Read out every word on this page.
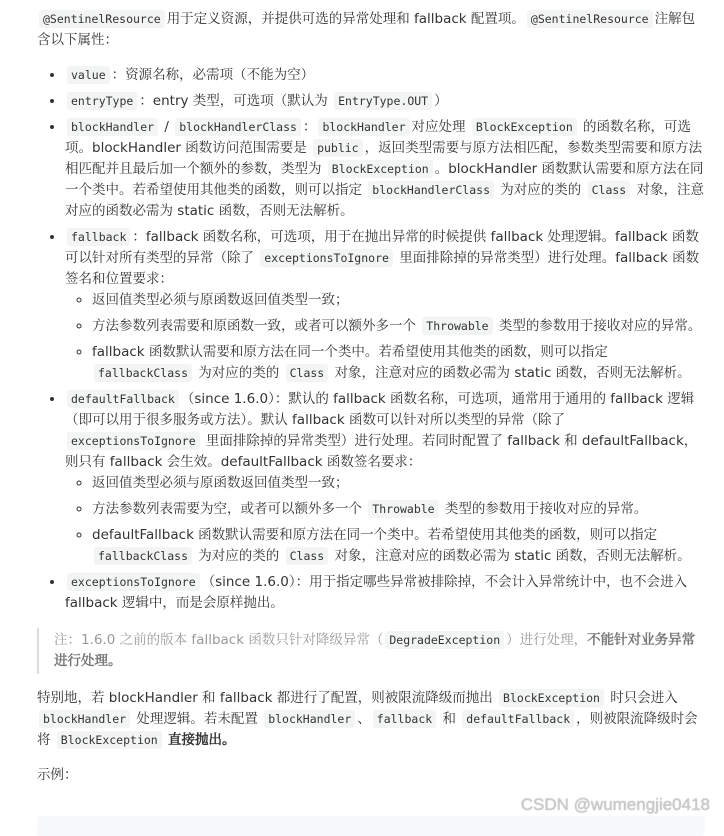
@SentinelResource 用于定义资源，并提供可选的异常处理和 fallback 配置项。 @SentinelResource 注解包含以下属性：

• value ：资源名称，必需项（不能为空）
• entryType ：entry 类型，可选项（默认为 EntryType.OUT ）
• blockHandler / blockHandlerClass ： blockHandler 对应处理 BlockException 的函数名称，可选项。blockHandler 函数访问范围需要是 public ，返回类型需要与原方法相匹配，参数类型需要和原方法相匹配并且最后加一个额外的参数，类型为 BlockException 。blockHandler 函数默认需要和原方法在同一个类中。若希望使用其他类的函数，则可以指定 blockHandlerClass 为对应的类的 Class 对象，注意对应的函数必需为 static 函数，否则无法解析。
• fallback ：fallback 函数名称，可选项，用于在抛出异常的时候提供 fallback 处理逻辑。fallback 函数可以针对所有类型的异常（除了 exceptionsToIgnore 里面排除掉的异常类型）进行处理。fallback 函数签名和位置要求：
◦ 返回值类型必须与原函数返回值类型一致；
◦ 方法参数列表需要和原函数一致，或者可以额外多一个 Throwable 类型的参数用于接收对应的异常。
◦ fallback 函数默认需要和原方法在同一个类中。若希望使用其他类的函数，则可以指定 fallbackClass 为对应的类的 Class 对象，注意对应的函数必需为 static 函数，否则无法解析。
• defaultFallback （since 1.6.0）：默认的 fallback 函数名称，可选项，通常用于通用的 fallback 逻辑（即可以用于很多服务或方法）。默认 fallback 函数可以针对所以类型的异常（除了 exceptionsToIgnore 里面排除掉的异常类型）进行处理。若同时配置了 fallback 和 defaultFallback，则只有 fallback 会生效。defaultFallback 函数签名要求：
◦ 返回值类型必须与原函数返回值类型一致；
◦ 方法参数列表需要为空，或者可以额外多一个 Throwable 类型的参数用于接收对应的异常。
◦ defaultFallback 函数默认需要和原方法在同一个类中。若希望使用其他类的函数，则可以指定 fallbackClass 为对应的类的 Class 对象，注意对应的函数必需为 static 函数，否则无法解析。
• exceptionsToIgnore （since 1.6.0）：用于指定哪些异常被排除掉，不会计入异常统计中，也不会进入 fallback 逻辑中，而是会原样抛出。
注：1.6.0 之前的版本 fallback 函数只针对降级异常（ DegradeException ）进行处理，不能针对业务异常进行处理。

特别地，若 blockHandler 和 fallback 都进行了配置，则被限流降级而抛出 BlockException 时只会进入 blockHandler 处理逻辑。若未配置 blockHandler 、 fallback 和 defaultFallback ，则被限流降级时会将 BlockException 直接抛出。

示例：

CSDN @wumengjie0418
